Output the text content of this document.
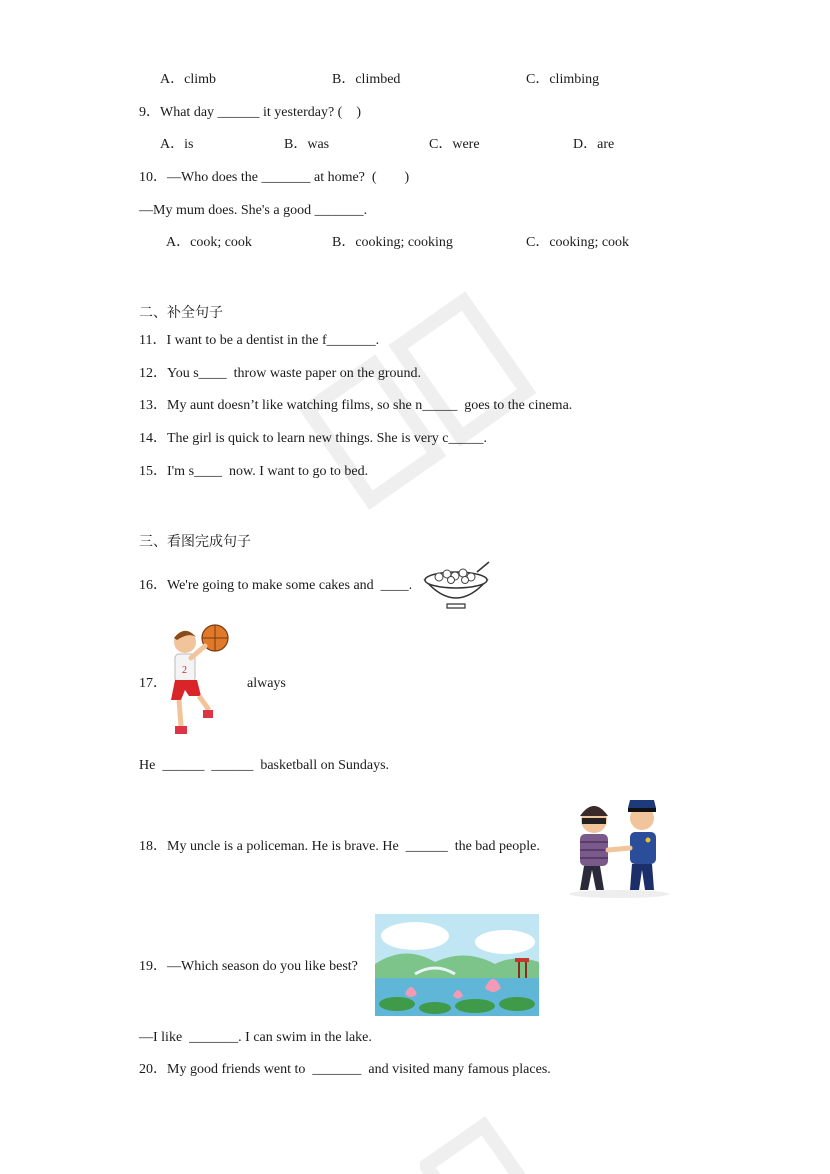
A．climb	B．climbed	C．climbing
9．What day ______ it yesterday? (    )
A．is	B．was	C．were	D．are
10．—Who does the _______ at home?  (        )
—My mum does. She's a good _______.
A．cook; cook	B．cooking; cooking	C．cooking; cook
二、补全句子
11．I want to be a dentist in the f_______.
12．You s____  throw waste paper on the ground.
13．My aunt doesn’t like watching films, so she n_____  goes to the cinema.
14．The girl is quick to learn new things. She is very c_____.
15．I'm s____  now. I want to go to bed.
三、看图完成句子
16．We're going to make some cakes and  ____.
2
17．	always
He  ______  ______  basketball on Sundays.
18．My uncle is a policeman. He is brave. He  ______  the bad people.
19．—Which season do you like best?
—I like  _______. I can swim in the lake.
20．My good friends went to  _______  and visited many famous places.
